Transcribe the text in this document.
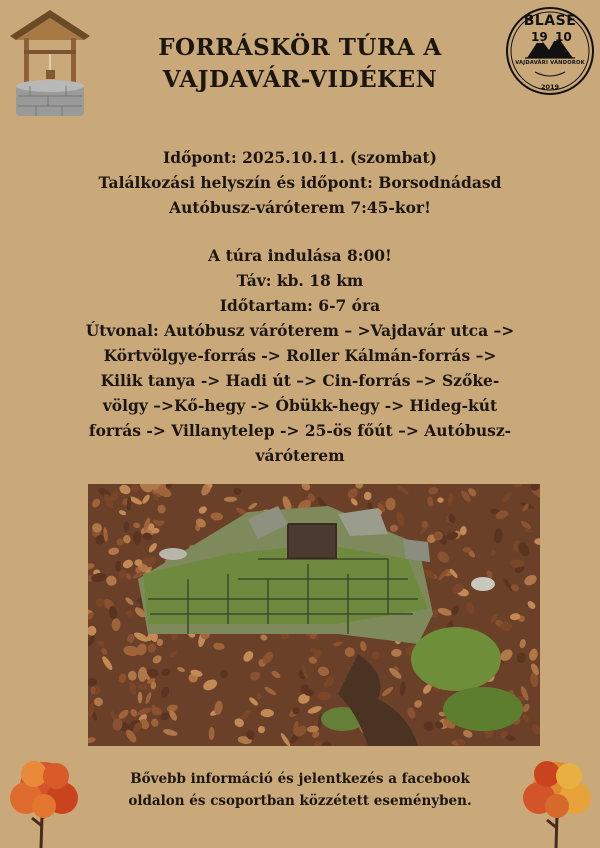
FORRÁSKÖR TÚRA A
VAJDAVÁR-VIDÉKEN
BLASE
19 10
VAJDAVÁRI VÁNDOROK
2019
Időpont: 2025.10.11. (szombat)
Találkozási helyszín és időpont: Borsodnádasd
Autóbusz-váróterem 7:45-kor!
A túra indulása 8:00!
Táv: kb. 18 km
Időtartam: 6-7 óra
Útvonal: Autóbusz váróterem – >Vajdavár utca –>
Körtvölgye-forrás -> Roller Kálmán-forrás –>
Kilik tanya -> Hadi út –> Cin-forrás –> Szőke-
völgy –>Kő-hegy -> Óbükk-hegy -> Hideg-kút
forrás -> Villanytelep -> 25-ös főút –> Autóbusz-
váróterem
Bővebb információ és jelentkezés a facebook
oldalon és csoportban közzétett eseményben.
